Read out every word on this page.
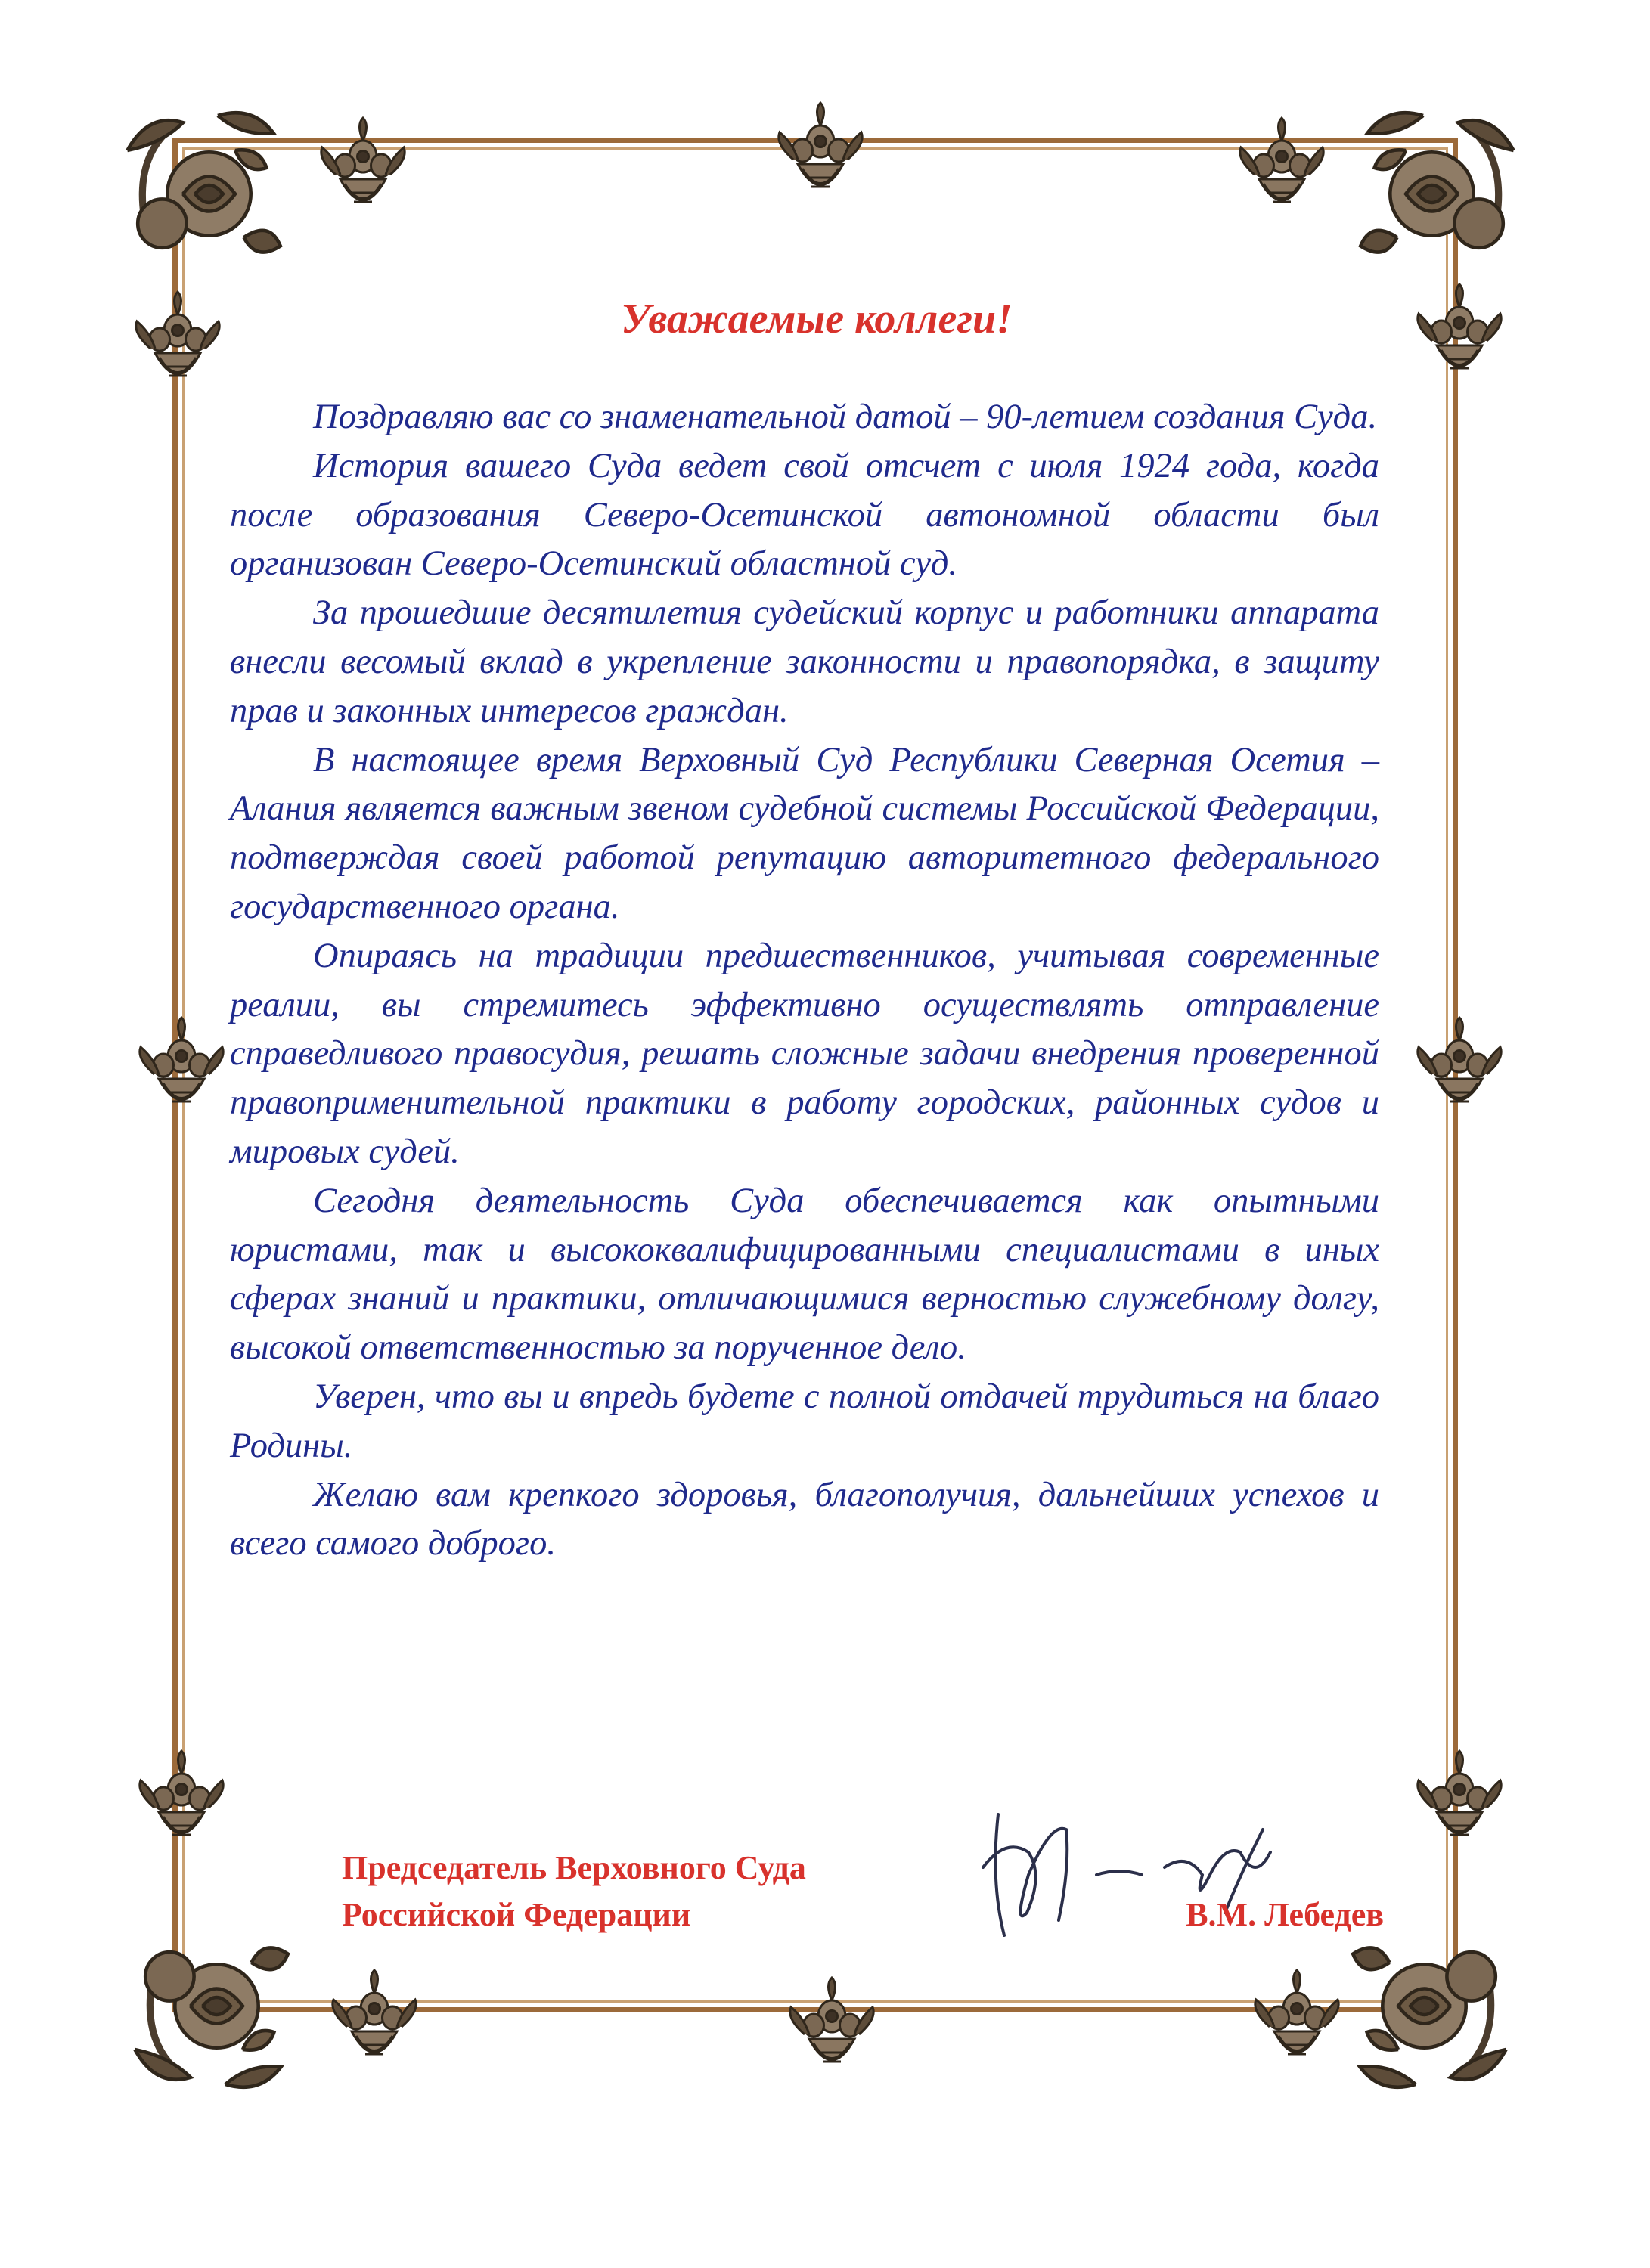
Уважаемые коллеги!

Поздравляю вас со знаменательной датой – 90-летием создания Суда.

История вашего Суда ведет свой отсчет с июля 1924 года, когда после образования Северо-Осетинской автономной области был организован Северо-Осетинский областной суд.

За прошедшие десятилетия судейский корпус и работники аппарата внесли весомый вклад в укрепление законности и правопорядка, в защиту прав и законных интересов граждан.

В настоящее время Верховный Суд Республики Северная Осетия – Алания является важным звеном судебной системы Российской Федерации, подтверждая своей работой репутацию авторитетного федерального государственного органа.

Опираясь на традиции предшественников, учитывая современные реалии, вы стремитесь эффективно осуществлять отправление справедливого правосудия, решать сложные задачи внедрения проверенной правоприменительной практики в работу городских, районных судов и мировых судей.

Сегодня деятельность Суда обеспечивается как опытными юристами, так и высококвалифицированными специалистами в иных сферах знаний и практики, отличающимися верностью служебному долгу, высокой ответственностью за порученное дело.

Уверен, что вы и впредь будете с полной отдачей трудиться на благо Родины.

Желаю вам крепкого здоровья, благополучия, дальнейших успехов и всего самого доброго.

Председатель Верховного Суда
Российской Федерации	В.М. Лебедев
